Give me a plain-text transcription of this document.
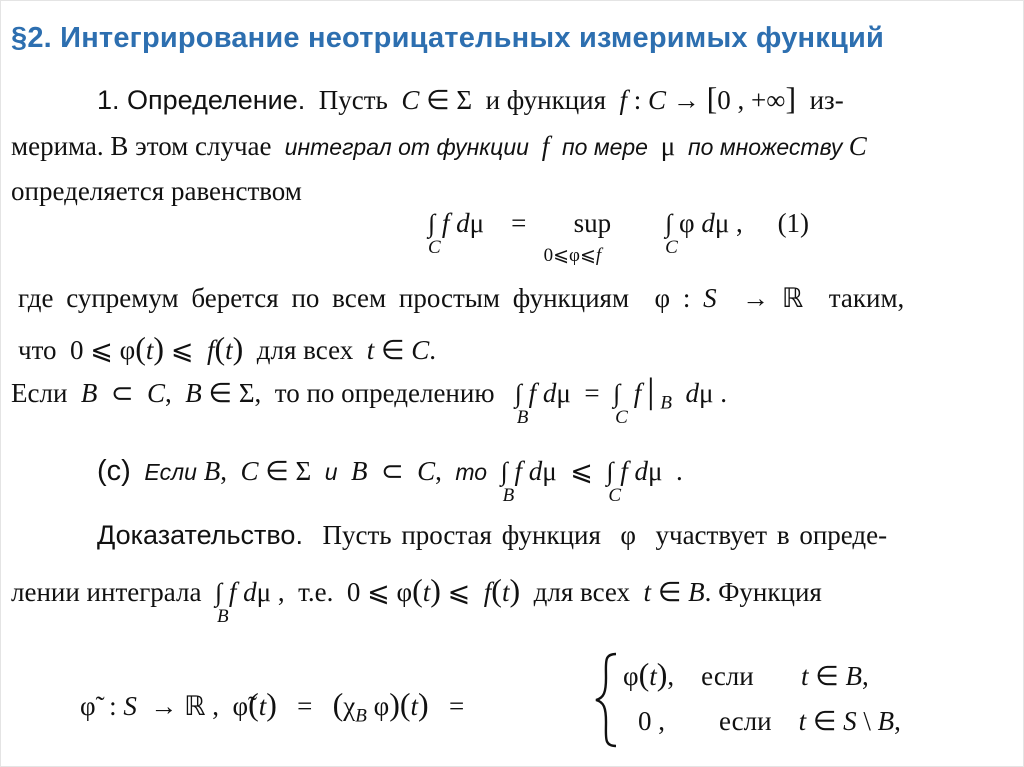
§2. Интегрирование неотрицательных измеримых функций
1. Определение.  Пусть  C ∈ Σ  и функция  f : C → [0 , +∞]  из-
мерима. В этом случае  интеграл от функции  f  по мере  μ  по множеству C
определяется равенством
∫
C
f dμ    =       sup
0⩽φ⩽f
∫
C
φ dμ , (1)
где супремум берется по всем простым функциям  φ : S  → ℝ  таким,
что  0 ⩽ φ(t) ⩽  f(t)  для всех  t ∈ C.
Если  B  ⊂  C,  B ∈ Σ,  то по определению   ∫
B
f dμ  =  ∫
C
$f│_B$ dμ .
(с) Если B,  C ∈ Σ  и B  ⊂  C,  то ∫
B
f dμ  ⩽  ∫
C
f dμ  .
Доказательство.  Пусть простая функция  φ  участвует в опреде-
лении интеграла  ∫
B
f dμ ,  т.е.  0 ⩽ φ(t) ⩽  f(t)  для всех  t ∈ B. Функция
φ̃  : S  → ℝ ,  φ̃(t)   =   ($\chi_B$ φ)(t)   =
φ(t),    если       t ∈ B,
0 ,        если    t ∈ S \ B,
